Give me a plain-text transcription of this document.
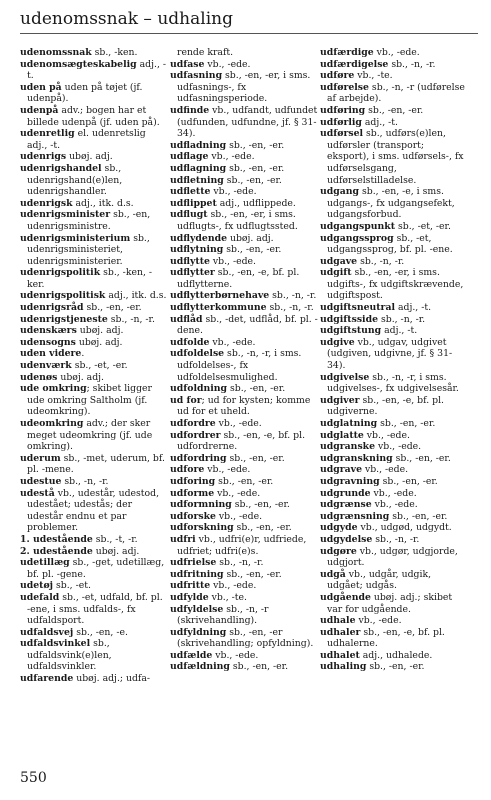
udenomssnak – udhaling
udenomssnak sb., -ken.
udenomsægteskabelig adj., -t.
uden på uden på tøjet (jf. udenpå).
udenpå adv.; bogen har et billede udenpå (jf. uden på).
udenretlig el. udenretslig adj., -t.
udenrigs ubøj. adj.
udenrigshandel sb., udenrigshand(e)len, udenrigshandler.
udenrigsk adj., itk. d.s.
udenrigsminister sb., -en, udenrigsministre.
udenrigsministerium sb., udenrigsministeriet, udenrigsministerier.
udenrigspolitik sb., -ken, -ker.
udenrigspolitisk adj., itk. d.s.
udenrigsråd sb., -en, -er.
udenrigstjeneste sb., -n, -r.
udenskærs ubøj. adj.
udensogns ubøj. adj.
uden videre.
udenværk sb., -et, -er.
udenøs ubøj. adj.
ude omkring; skibet ligger ude omkring Saltholm (jf. udeomkring).
udeomkring adv.; der sker meget udeomkring (jf. ude omkring).
uderum sb., -met, uderum, bf. pl. -mene.
udestue sb., -n, -r.
udestå vb., udestår, udestod, udestået; udestås; der udestår endnu et par problemer.
1. udestående sb., -t, -r.
2. udestående ubøj. adj.
udetillæg sb., -get, udetillæg, bf. pl. -gene.
udetøj sb., -et.
udefald sb., -et, udfald, bf. pl. -ene, i sms. udfalds-, fx udfaldsport.
udfaldsvej sb., -en, -e.
udfaldsvinkel sb., udfaldsvink(e)len, udfaldsvinkler.
udfarende ubøj. adj.; udfa-
rende kraft.
udfase vb., -ede.
udfasning sb., -en, -er, i sms. udfasnings-, fx udfasningsperiode.
udfinde vb., udfandt, udfundet (udfunden, udfundne, jf. § 31-34).
udfladning sb., -en, -er.
udflage vb., -ede.
udflagning sb., -en, -er.
udfletning sb., -en, -er.
udflette vb., -ede.
udflippet adj., udflippede.
udflugt sb., -en, -er, i sms. udflugts-, fx udflugtssted.
udflydende ubøj. adj.
udflytning sb., -en, -er.
udflytte vb., -ede.
udflytter sb., -en, -e, bf. pl. udflytterne.
udflytterbørnehave sb., -n, -r.
udflytterkommune sb., -n, -r.
udflåd sb., -det, udflåd, bf. pl. -dene.
udfolde vb., -ede.
udfoldelse sb., -n, -r, i sms. udfoldelses-, fx udfoldelsesmulighed.
udfoldning sb., -en, -er.
ud for; ud for kysten; komme ud for et uheld.
udfordre vb., -ede.
udfordrer sb., -en, -e, bf. pl. udfordrerne.
udfordring sb., -en, -er.
udfore vb., -ede.
udforing sb., -en, -er.
udforme vb., -ede.
udformning sb., -en, -er.
udforske vb., -ede.
udforskning sb., -en, -er.
udfri vb., udfri(e)r, udfriede, udfriet; udfri(e)s.
udfrielse sb., -n, -r.
udfritning sb., -en, -er.
udfritte vb., -ede.
udfylde vb., -te.
udfyldelse sb., -n, -r (skrivehandling).
udfyldning sb., -en, -er (skrivehandling; opfyldning).
udfælde vb., -ede.
udfældning sb., -en, -er.
udfærdige vb., -ede.
udfærdigelse sb., -n, -r.
udføre vb., -te.
udførelse sb., -n, -r (udførelse af arbejde).
udføring sb., -en, -er.
udførlig adj., -t.
udførsel sb., udførs(e)len, udførsler (transport; eksport), i sms. udførsels-, fx udførselsgang, udførselstilladelse.
udgang sb., -en, -e, i sms. udgangs-, fx udgangsefekt, udgangsforbud.
udgangspunkt sb., -et, -er.
udgangssprog sb., -et, udgangssprog, bf. pl. -ene.
udgave sb., -n, -r.
udgift sb., -en, -er, i sms. udgifts-, fx udgiftskrævende, udgiftspost.
udgiftsneutral adj., -t.
udgiftsside sb., -n, -r.
udgiftstung adj., -t.
udgive vb., udgav, udgivet (udgiven, udgivne, jf. § 31-34).
udgivelse sb., -n, -r, i sms. udgivelses-, fx udgivelsesår.
udgiver sb., -en, -e, bf. pl. udgiverne.
udglatning sb., -en, -er.
udglatte vb., -ede.
udgranske vb., -ede.
udgranskning sb., -en, -er.
udgrave vb., -ede.
udgravning sb., -en, -er.
udgrunde vb., -ede.
udgrænse vb., -ede.
udgrænsning sb., -en, -er.
udgyde vb., udgød, udgydt.
udgydelse sb., -n, -r.
udgøre vb., udgør, udgjorde, udgjort.
udgå vb., udgår, udgik, udgået; udgås.
udgående ubøj. adj.; skibet var for udgående.
udhale vb., -ede.
udhaler sb., -en, -e, bf. pl. udhalerne.
udhalet adj., udhalede.
udhaling sb., -en, -er.
550
